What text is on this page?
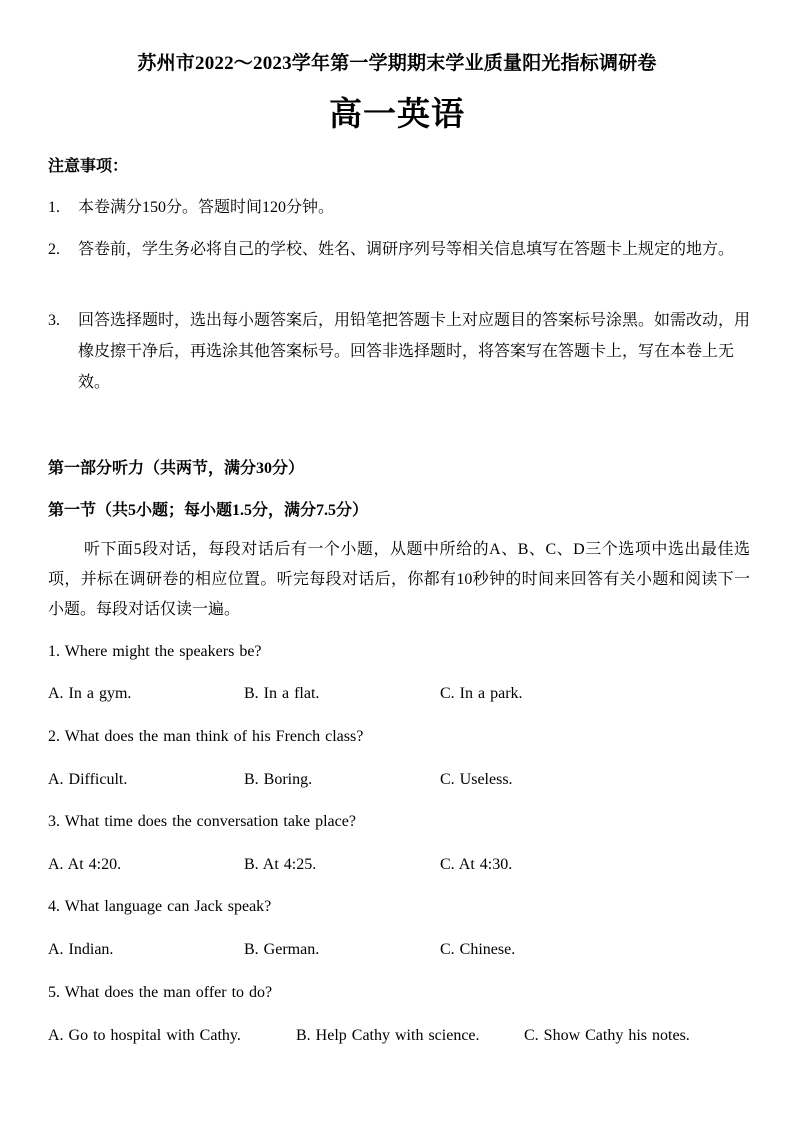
苏州市2022～2023学年第一学期期末学业质量阳光指标调研卷
高一英语
注意事项：
1. 本卷满分150分。答题时间120分钟。
2. 答卷前，学生务必将自己的学校、姓名、调研序列号等相关信息填写在答题卡上规定的地方。
3. 回答选择题时，选出每小题答案后，用铅笔把答题卡上对应题目的答案标号涂黑。如需改动，用橡皮擦干净后，再选涂其他答案标号。回答非选择题时，将答案写在答题卡上，写在本卷上无效。
第一部分听力（共两节，满分30分）
第一节（共5小题；每小题1.5分，满分7.5分）
听下面5段对话，每段对话后有一个小题，从题中所给的A、B、C、D三个选项中选出最佳选项，并标在调研卷的相应位置。听完每段对话后，你都有10秒钟的时间来回答有关小题和阅读下一小题。每段对话仅读一遍。
1. Where might the speakers be?
A. In a gym.	B. In a flat.	C. In a park.
2. What does the man think of his French class?
A. Difficult.	B. Boring.	C. Useless.
3. What time does the conversation take place?
A. At 4:20.	B. At 4:25.	C. At 4:30.
4. What language can Jack speak?
A. Indian.	B. German.	C. Chinese.
5. What does the man offer to do?
A. Go to hospital with Cathy.	B. Help Cathy with science.	C. Show Cathy his notes.
